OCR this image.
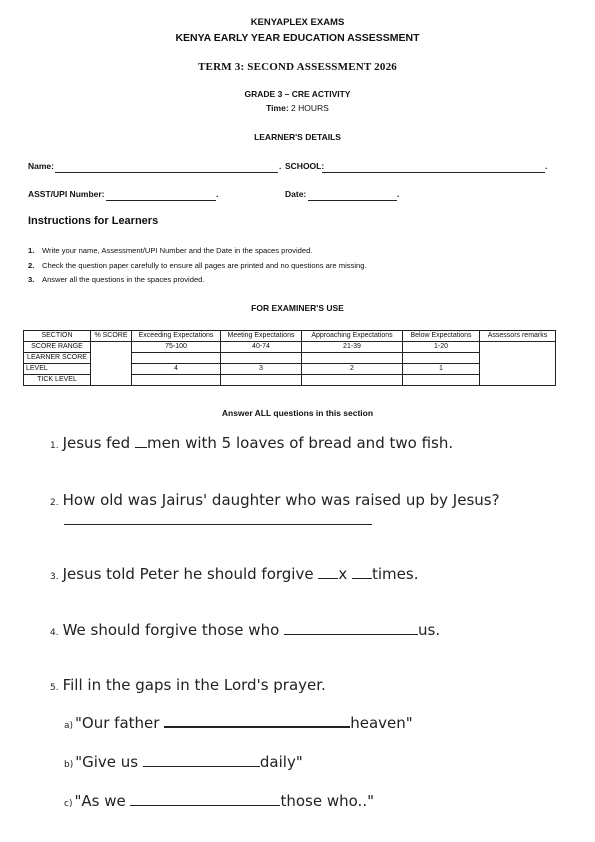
KENYAPLEX EXAMS
KENYA EARLY YEAR EDUCATION ASSESSMENT
TERM 3: SECOND ASSESSMENT 2026
GRADE 3 – CRE ACTIVITY
Time: 2 HOURS
LEARNER'S DETAILS
Name:	. SCHOOL:	.
ASST/UPI Number:	.	Date:	.
Instructions for Learners
1. Write your name, Assessment/UPI Number and the Date in the spaces provided.
2. Check the question paper carefully to ensure all pages are printed and no questions are missing.
3. Answer all the questions in the spaces provided.
FOR EXAMINER'S USE
SECTION	% SCORE	Exceeding Expectations	Meeting Expectations	Approaching Expectations	Below Expectations	Assessors remarks
SCORE RANGE		75-100	40-74	21-39	1-20	
LEARNER SCORE						
LEVEL		4	3	2	1	
TICK LEVEL						
Answer ALL questions in this section
1. Jesus fed men with 5 loaves of bread and two fish.
2. How old was Jairus' daughter who was raised up by Jesus?
3. Jesus told Peter he should forgive x times.
4. We should forgive those who	us.
5. Fill in the gaps in the Lord's prayer.
a) "Our father	heaven"
b) "Give us	daily"
c) "As we	those who.."
